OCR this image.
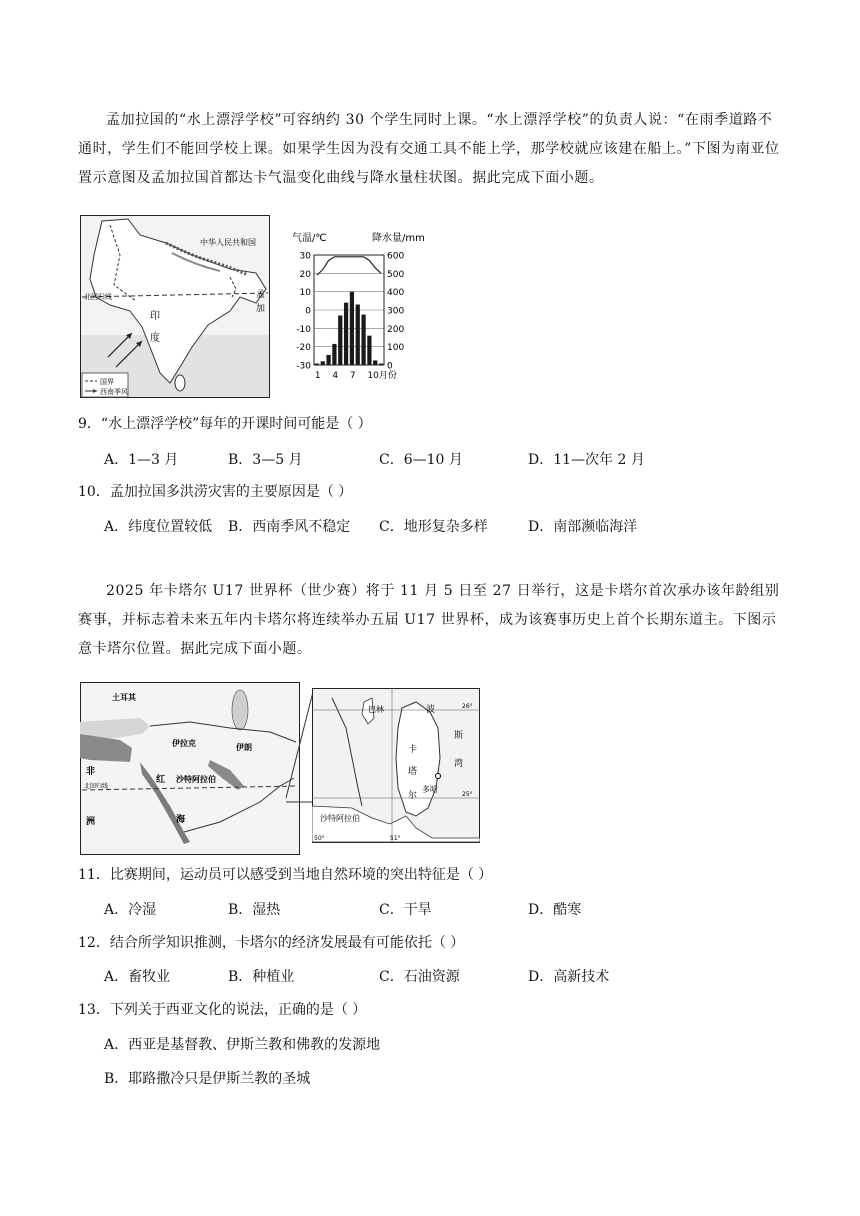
孟加拉国的“水上漂浮学校”可容纳约 30 个学生同时上课。“水上漂浮学校”的负责人说：“在雨季道路不通时，学生们不能回学校上课。如果学生因为没有交通工具不能上学，那学校就应该建在船上。”下图为南亚位置示意图及孟加拉国首都达卡气温变化曲线与降水量柱状图。据此完成下面小题。

中华人民共和国
北回归线
印
度
孟
加
国界
西南季风
气温/℃	降水量/mm
30
20
10
0
-10
-20
-30
600
500
400
300
200
100
0
1 4 7 10月份

9．“水上漂浮学校”每年的开课时间可能是（ ）

A．1—3 月	B．3—5 月	C．6—10 月	D．11—次年 2 月

10．孟加拉国多洪涝灾害的主要原因是（ ）

A．纬度位置较低 B．西南季风不稳定 C．地形复杂多样	D．南部濒临海洋

2025 年卡塔尔 U17 世界杯（世少赛）将于 11 月 5 日至 27 日举行，这是卡塔尔首次承办该年龄组别赛事，并标志着未来五年内卡塔尔将连续举办五届 U17 世界杯，成为该赛事历史上首个长期东道主。下图示意卡塔尔位置。据此完成下面小题。

土耳其
伊拉克	伊朗
沙特阿拉伯
红
海
非
洲
北回归线
巴林	波
斯
湾
卡
塔
尔
多哈
沙特阿拉伯
26°
25°
50°	51°

11．比赛期间，运动员可以感受到当地自然环境的突出特征是（ ）

A．冷湿	B．湿热	C．干旱	D．酷寒

12．结合所学知识推测，卡塔尔的经济发展最有可能依托（ ）

A．畜牧业	B．种植业	C．石油资源	D．高新技术

13．下列关于西亚文化的说法，正确的是（ ）

A．西亚是基督教、伊斯兰教和佛教的发源地

B．耶路撒冷只是伊斯兰教的圣城
